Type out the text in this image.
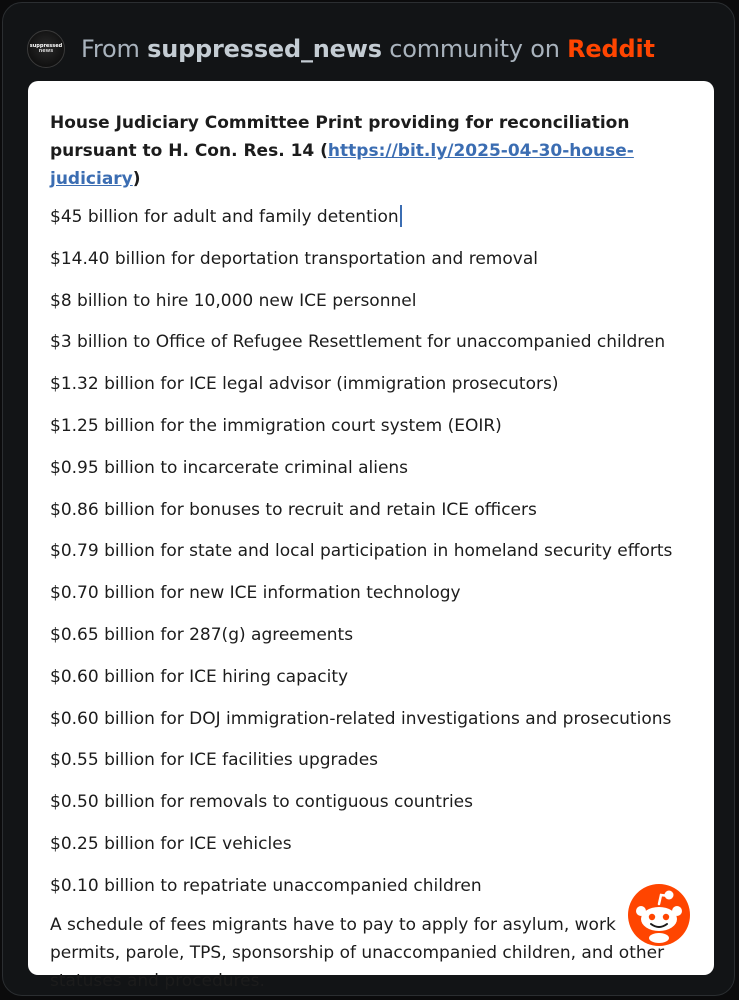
suppressed
news From suppressed_news community on Reddit
House Judiciary Committee Print providing for reconciliation pursuant to H. Con. Res. 14 (https://bit.ly/2025-04-30-house-judiciary)
$45 billion for adult and family detention
$14.40 billion for deportation transportation and removal
$8 billion to hire 10,000 new ICE personnel
$3 billion to Office of Refugee Resettlement for unaccompanied children
$1.32 billion for ICE legal advisor (immigration prosecutors)
$1.25 billion for the immigration court system (EOIR)
$0.95 billion to incarcerate criminal aliens
$0.86 billion for bonuses to recruit and retain ICE officers
$0.79 billion for state and local participation in homeland security efforts
$0.70 billion for new ICE information technology
$0.65 billion for 287(g) agreements
$0.60 billion for ICE hiring capacity
$0.60 billion for DOJ immigration-related investigations and prosecutions
$0.55 billion for ICE facilities upgrades
$0.50 billion for removals to contiguous countries
$0.25 billion for ICE vehicles
$0.10 billion to repatriate unaccompanied children
A schedule of fees migrants have to pay to apply for asylum, work permits, parole, TPS, sponsorship of unaccompanied children, and other statuses and procedures.
